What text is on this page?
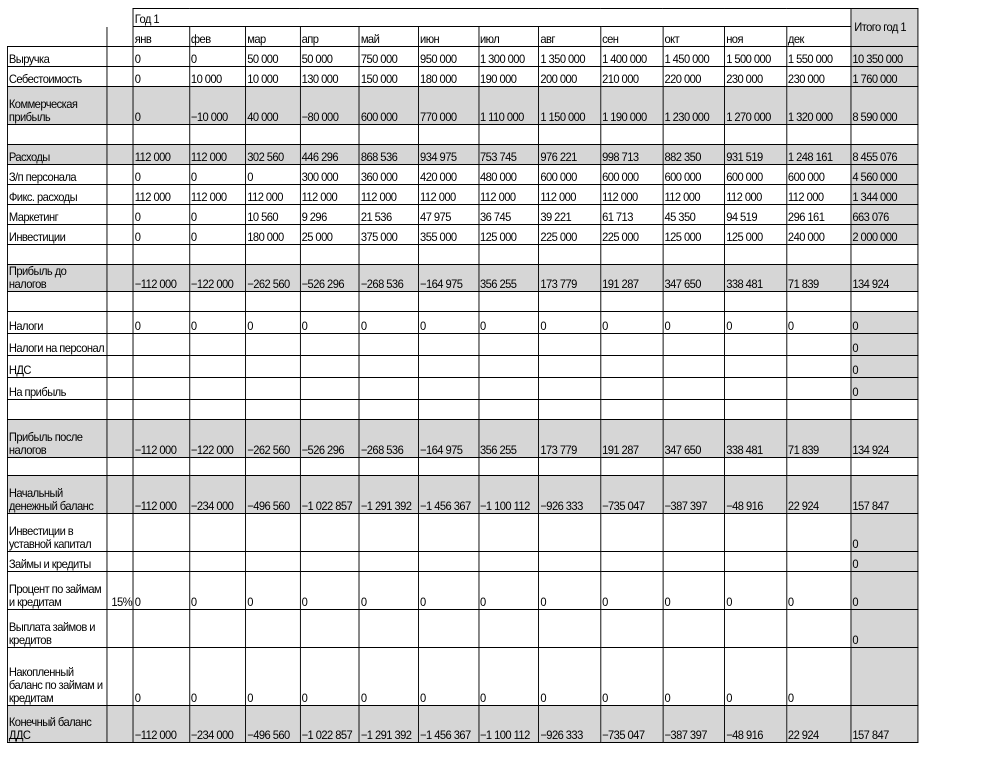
		Год 1												Итого год 1
		янв	фев	мар	апр	май	июн	июл	авг	сен	окт	ноя	дек	
Выручка		0	0	50 000	50 000	750 000	950 000	1 300 000	1 350 000	1 400 000	1 450 000	1 500 000	1 550 000	10 350 000
Себестоимость		0	10 000	10 000	130 000	150 000	180 000	190 000	200 000	210 000	220 000	230 000	230 000	1 760 000
Коммерческая прибыль		0	−10 000	40 000	−80 000	600 000	770 000	1 110 000	1 150 000	1 190 000	1 230 000	1 270 000	1 320 000	8 590 000

Расходы		112 000	112 000	302 560	446 296	868 536	934 975	753 745	976 221	998 713	882 350	931 519	1 248 161	8 455 076
З/п персонала		0	0	0	300 000	360 000	420 000	480 000	600 000	600 000	600 000	600 000	600 000	4 560 000
Фикс. расходы		112 000	112 000	112 000	112 000	112 000	112 000	112 000	112 000	112 000	112 000	112 000	112 000	1 344 000
Маркетинг		0	0	10 560	9 296	21 536	47 975	36 745	39 221	61 713	45 350	94 519	296 161	663 076
Инвестиции		0	0	180 000	25 000	375 000	355 000	125 000	225 000	225 000	125 000	125 000	240 000	2 000 000

Прибыль до налогов		−112 000	−122 000	−262 560	−526 296	−268 536	−164 975	356 255	173 779	191 287	347 650	338 481	71 839	134 924

Налоги		0	0	0	0	0	0	0	0	0	0	0	0	0
Налоги на персонал														0
НДС														0
На прибыль														0

Прибыль после налогов		−112 000	−122 000	−262 560	−526 296	−268 536	−164 975	356 255	173 779	191 287	347 650	338 481	71 839	134 924

Начальный денежный баланс		−112 000	−234 000	−496 560	−1 022 857	−1 291 392	−1 456 367	−1 100 112	−926 333	−735 047	−387 397	−48 916	22 924	157 847
Инвестиции в уставной капитал														0
Займы и кредиты														0
Процент по займам и кредитам	15%	0	0	0	0	0	0	0	0	0	0	0	0	0
Выплата займов и кредитов														0
Накопленный баланс по займам и кредитам		0	0	0	0	0	0	0	0	0	0	0	0	
Конечный баланс ДДС		−112 000	−234 000	−496 560	−1 022 857	−1 291 392	−1 456 367	−1 100 112	−926 333	−735 047	−387 397	−48 916	22 924	157 847
